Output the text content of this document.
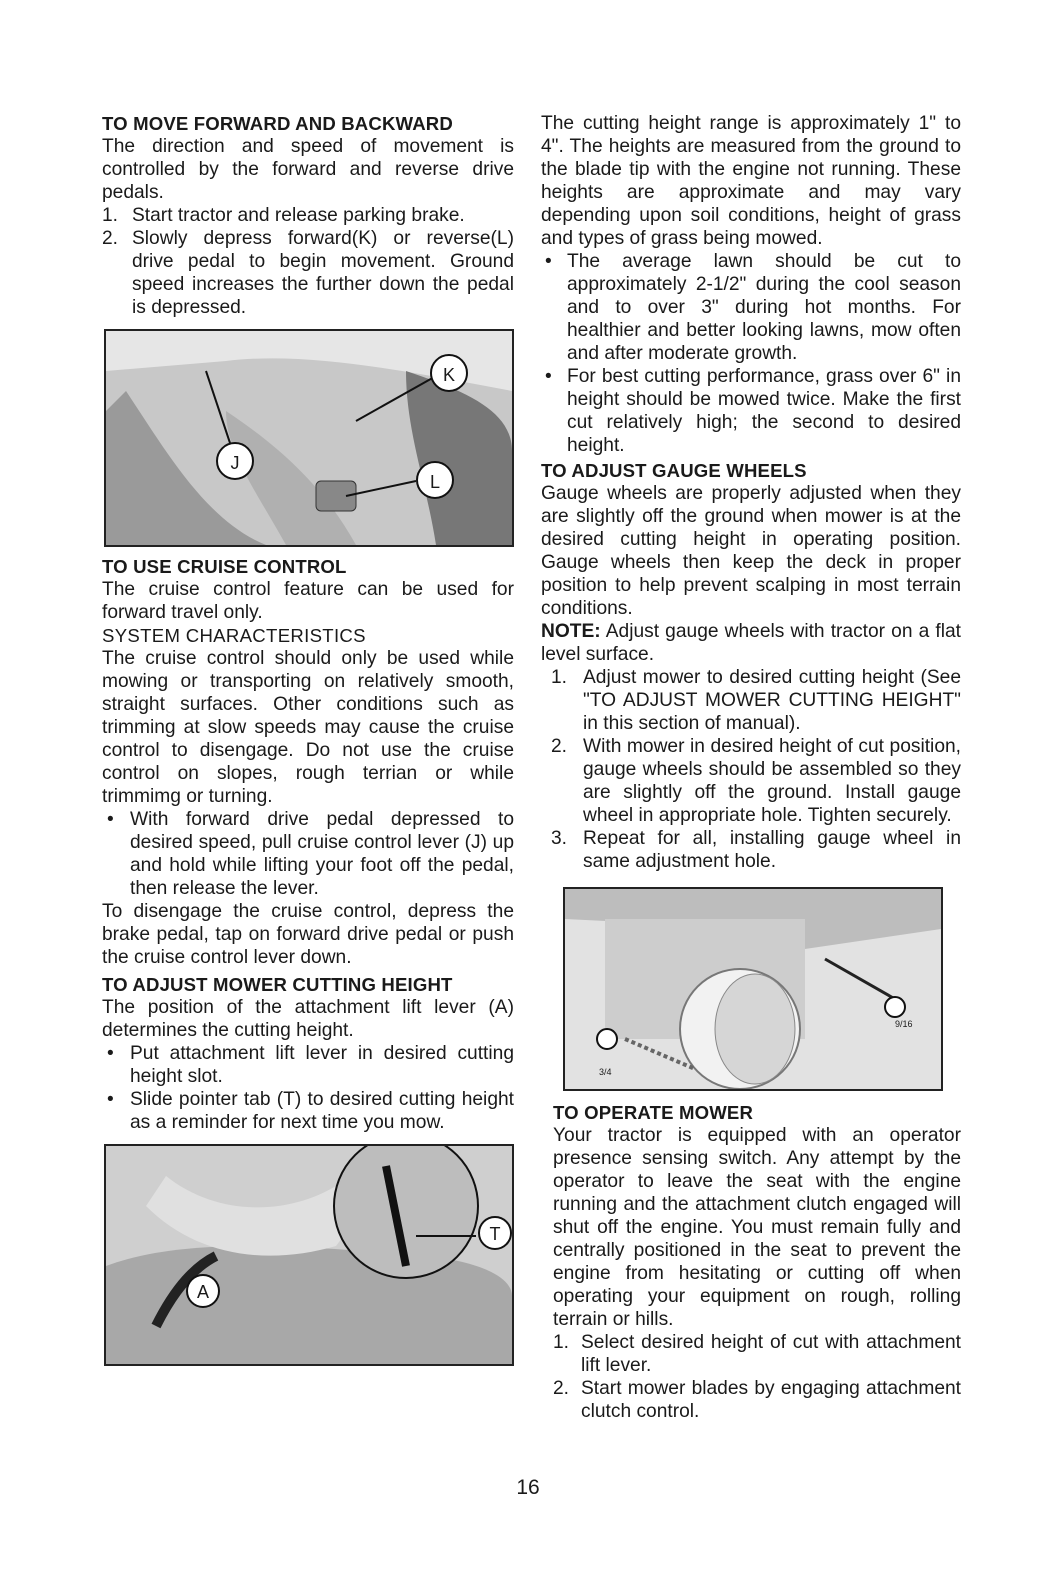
TO MOVE FORWARD AND BACKWARD

The direction and speed of movement is controlled by the forward and reverse drive pedals.

1. Start tractor and release parking brake.
2. Slowly depress forward(K) or reverse(L) drive pedal to begin movement. Ground speed increases the further down the pedal is depressed.
K
J
L
TO USE CRUISE CONTROL

The cruise control feature can be used for forward travel only.

SYSTEM CHARACTERISTICS

The cruise control should only be used while mowing or transporting on relatively smooth, straight surfaces. Other conditions such as trimming at slow speeds may cause the cruise control to disengage. Do not use the cruise control on slopes, rough terrian or while trimmimg or turning.

• With forward drive pedal depressed to desired speed, pull cruise control lever (J) up and hold while lifting your foot off the pedal, then release the lever.

To disengage the cruise control, depress the brake pedal, tap on forward drive pedal or push the cruise control lever down.

TO ADJUST MOWER CUTTING HEIGHT

The position of the attachment lift lever (A) determines the cutting height.

• Put attachment lift lever in desired cutting height slot.
• Slide pointer tab (T) to desired cutting height as a reminder for next time you mow.
T
A

The cutting height range is approximately 1" to 4". The heights are measured from the ground to the blade tip with the engine not running. These heights are approximate and may vary depending upon soil conditions, height of grass and types of grass being mowed.

• The average lawn should be cut to approximately 2-1/2" during the cool season and to over 3" during hot months. For healthier and better looking lawns, mow often and after moderate growth.
• For best cutting performance, grass over 6" in height should be mowed twice. Make the first cut relatively high; the second to desired height.
TO ADJUST GAUGE WHEELS

Gauge wheels are properly adjusted when they are slightly off the ground when mower is at the desired cutting height in operating position. Gauge wheels then keep the deck in proper position to help prevent scalping in most terrain conditions.

NOTE: Adjust gauge wheels with tractor on a flat level surface.

1. Adjust mower to desired cutting height (See "TO ADJUST MOWER CUTTING HEIGHT" in this section of manual).
2. With mower in desired height of cut position, gauge wheels should be assembled so they are slightly off the ground. Install gauge wheel in appropriate hole. Tighten securely.
3. Repeat for all, installing gauge wheel in same adjustment hole.
9/16
3/4
TO OPERATE MOWER

Your tractor is equipped with an operator presence sensing switch. Any attempt by the operator to leave the seat with the engine running and the attachment clutch engaged will shut off the engine. You must remain fully and centrally positioned in the seat to prevent the engine from hesitating or cutting off when operating your equipment on rough, rolling terrain or hills.

1. Select desired height of cut with attachment lift lever.
2. Start mower blades by engaging attachment clutch control.
16
